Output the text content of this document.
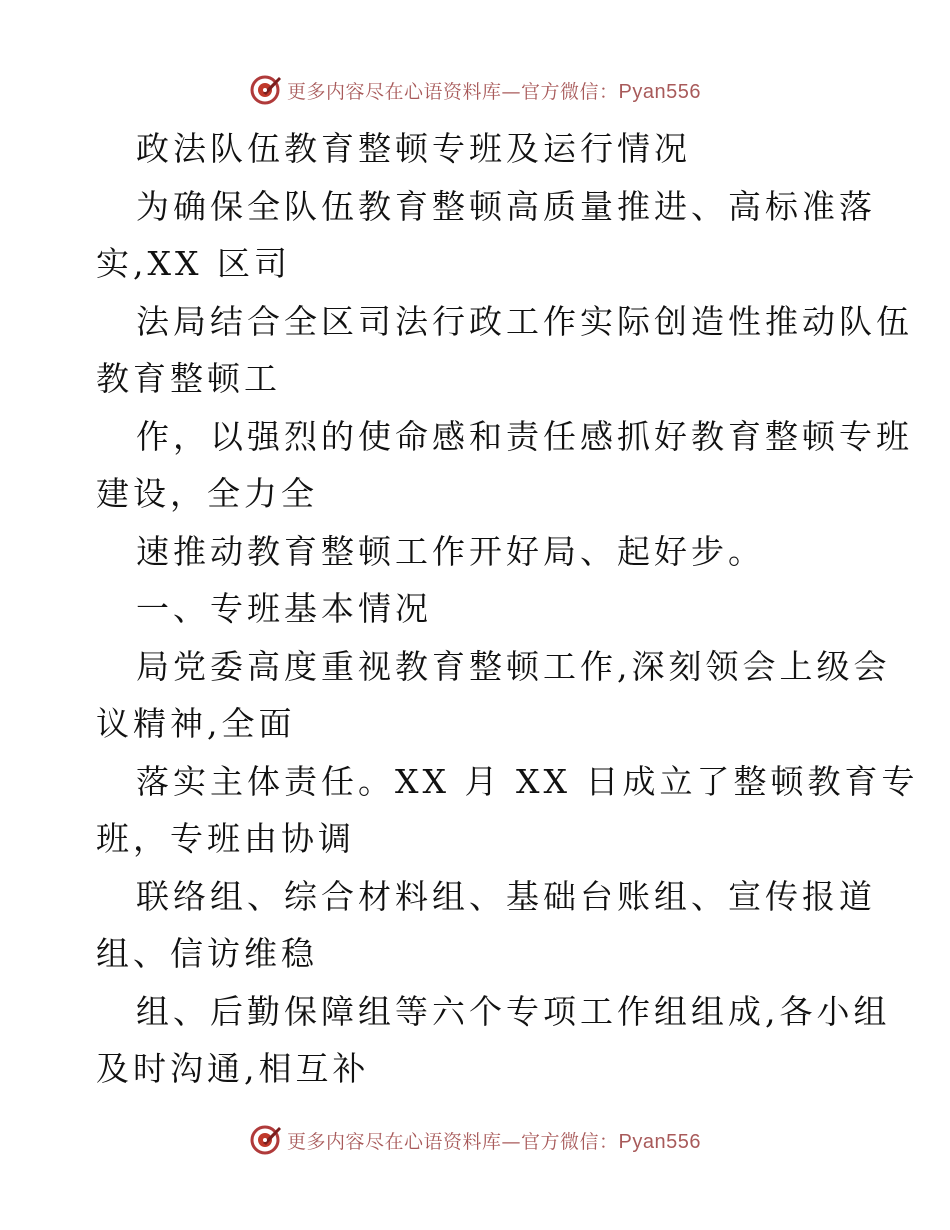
更多内容尽在心语资料库—官方微信：Pyan556
政法队伍教育整顿专班及运行情况
为确保全队伍教育整顿高质量推进、高标准落
实,XX 区司
法局结合全区司法行政工作实际创造性推动队伍
教育整顿工
作，以强烈的使命感和责任感抓好教育整顿专班
建设，全力全
速推动教育整顿工作开好局、起好步。
一、专班基本情况
局党委高度重视教育整顿工作,深刻领会上级会
议精神,全面
落实主体责任。XX 月 XX 日成立了整顿教育专
班，专班由协调
联络组、综合材料组、基础台账组、宣传报道
组、信访维稳
组、后勤保障组等六个专项工作组组成,各小组
及时沟通,相互补
更多内容尽在心语资料库—官方微信：Pyan556
